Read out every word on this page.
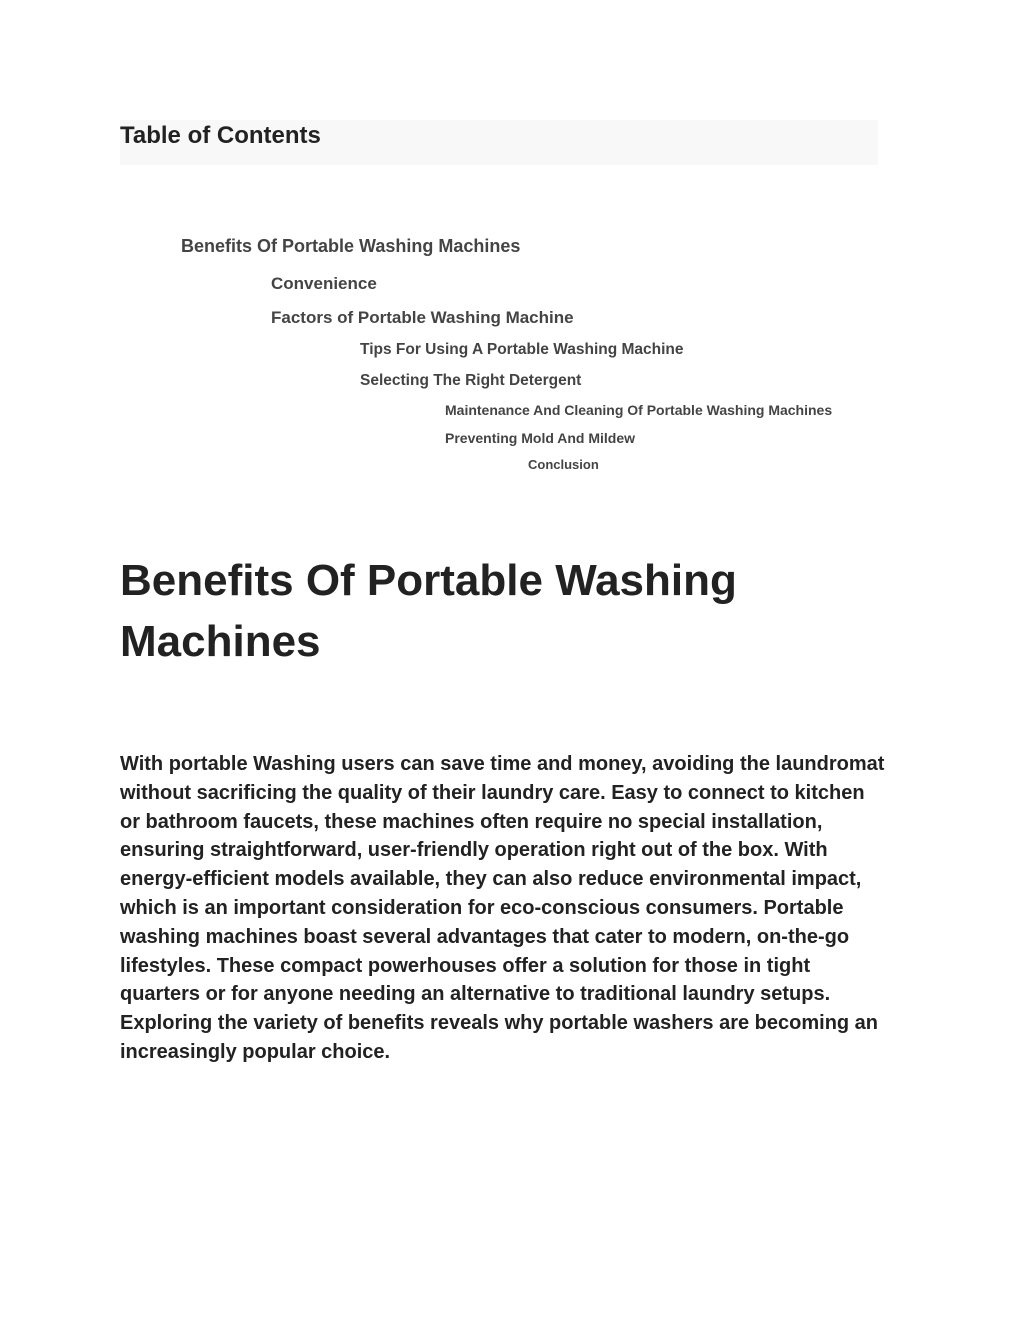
Table of Contents
Benefits Of Portable Washing Machines
Convenience
Factors of Portable Washing Machine
Tips For Using A Portable Washing Machine
Selecting The Right Detergent
Maintenance And Cleaning Of Portable Washing Machines
Preventing Mold And Mildew
Conclusion
Benefits Of Portable Washing Machines

With portable Washing users can save time and money, avoiding the laundromat without sacrificing the quality of their laundry care. Easy to connect to kitchen or bathroom faucets, these machines often require no special installation, ensuring straightforward, user-friendly operation right out of the box. With energy-efficient models available, they can also reduce environmental impact, which is an important consideration for eco-conscious consumers. Portable washing machines boast several advantages that cater to modern, on-the-go lifestyles. These compact powerhouses offer a solution for those in tight quarters or for anyone needing an alternative to traditional laundry setups. Exploring the variety of benefits reveals why portable washers are becoming an increasingly popular choice.
